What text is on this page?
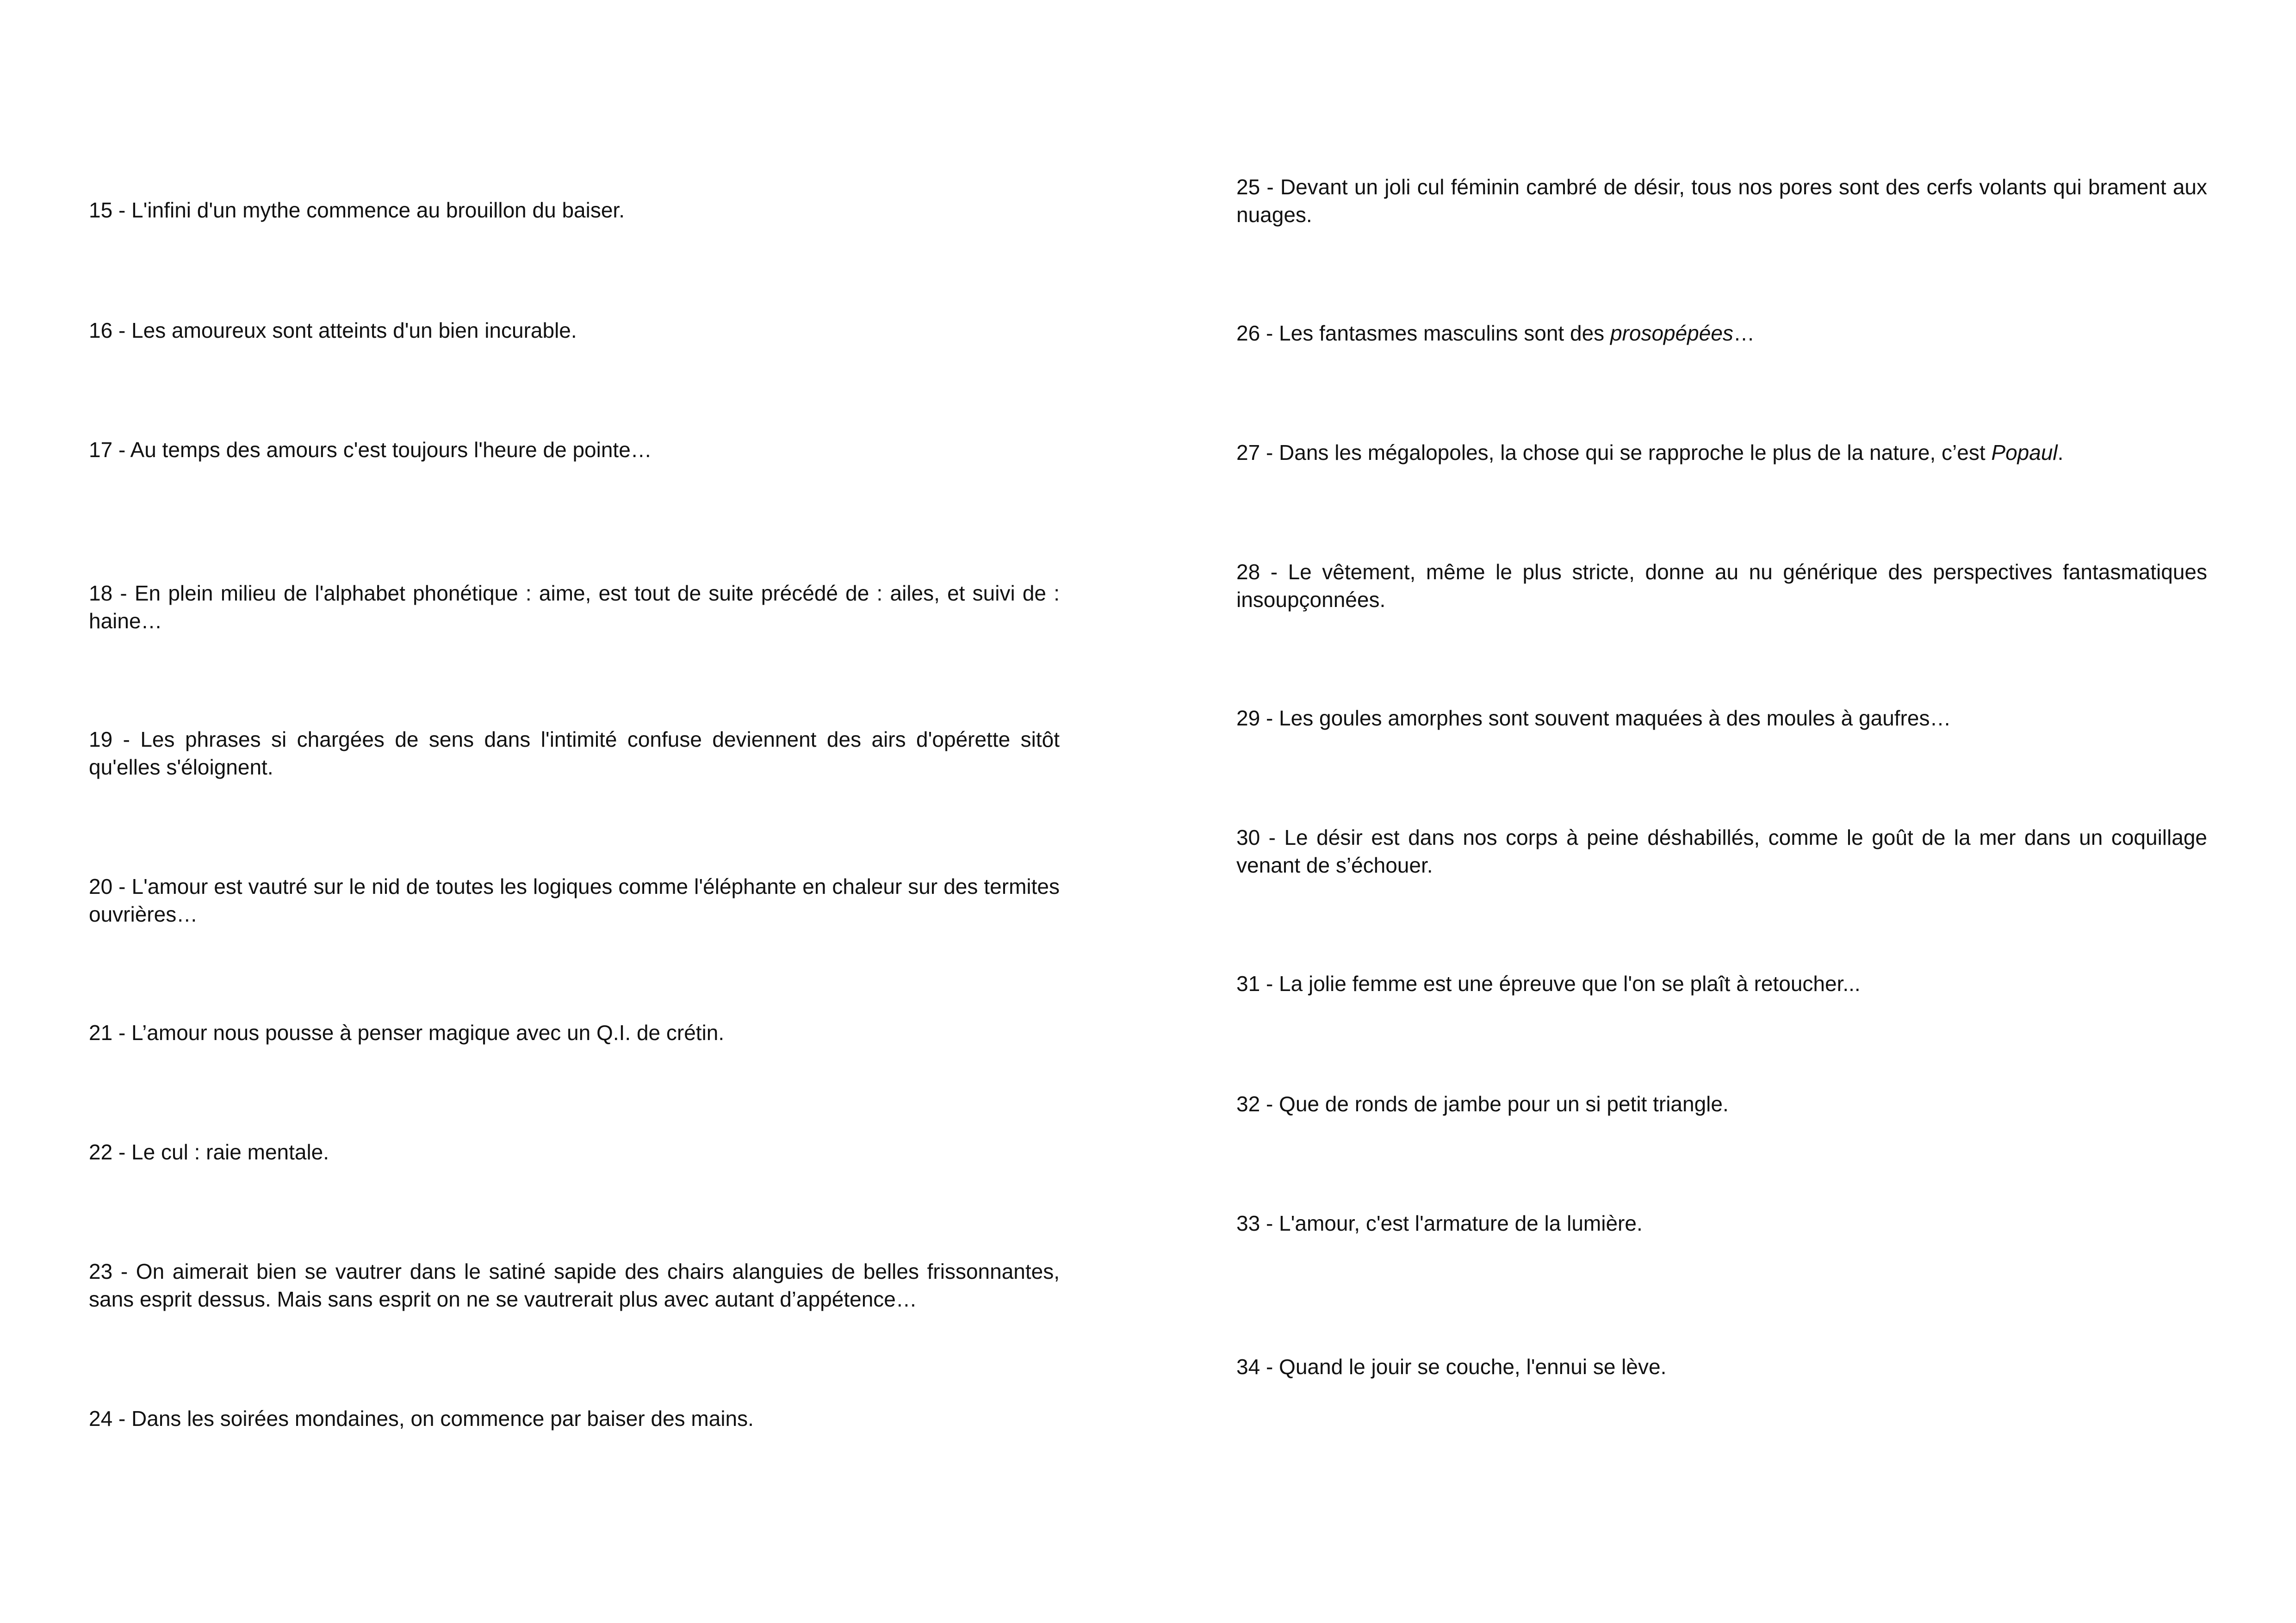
15 - L'infini d'un mythe commence au brouillon du baiser.

16 - Les amoureux sont atteints d'un bien incurable.

17 - Au temps des amours c'est toujours l'heure de pointe…

18 - En plein milieu de l'alphabet phonétique : aime, est tout de suite précédé de : ailes, et suivi de : haine…

19 - Les phrases si chargées de sens dans l'intimité confuse deviennent des airs d'opérette sitôt qu'elles s'éloignent.

20 - L'amour est vautré sur le nid de toutes les logiques comme l'éléphante en chaleur sur des termites ouvrières…

21 - L’amour nous pousse à penser magique avec un Q.I. de crétin.

22 - Le cul : raie mentale.

23 - On aimerait bien se vautrer dans le satiné sapide des chairs alanguies de belles frissonnantes, sans esprit dessus. Mais sans esprit on ne se vautrerait plus avec autant d’appétence…

24 - Dans les soirées mondaines, on commence par baiser des mains.

25 - Devant un joli cul féminin cambré de désir, tous nos pores sont des cerfs volants qui brament aux nuages.

26 - Les fantasmes masculins sont des prosopépées…

27 - Dans les mégalopoles, la chose qui se rapproche le plus de la nature, c’est Popaul.

28 - Le vêtement, même le plus stricte, donne au nu générique des perspectives fantasmatiques insoupçonnées.

29 - Les goules amorphes sont souvent maquées à des moules à gaufres…

30 - Le désir est dans nos corps à peine déshabillés, comme le goût de la mer dans un coquillage venant de s’échouer.

31 - La jolie femme est une épreuve que l'on se plaît à retoucher...

32 - Que de ronds de jambe pour un si petit triangle.

33 - L'amour, c'est l'armature de la lumière.

34 - Quand le jouir se couche, l'ennui se lève.
